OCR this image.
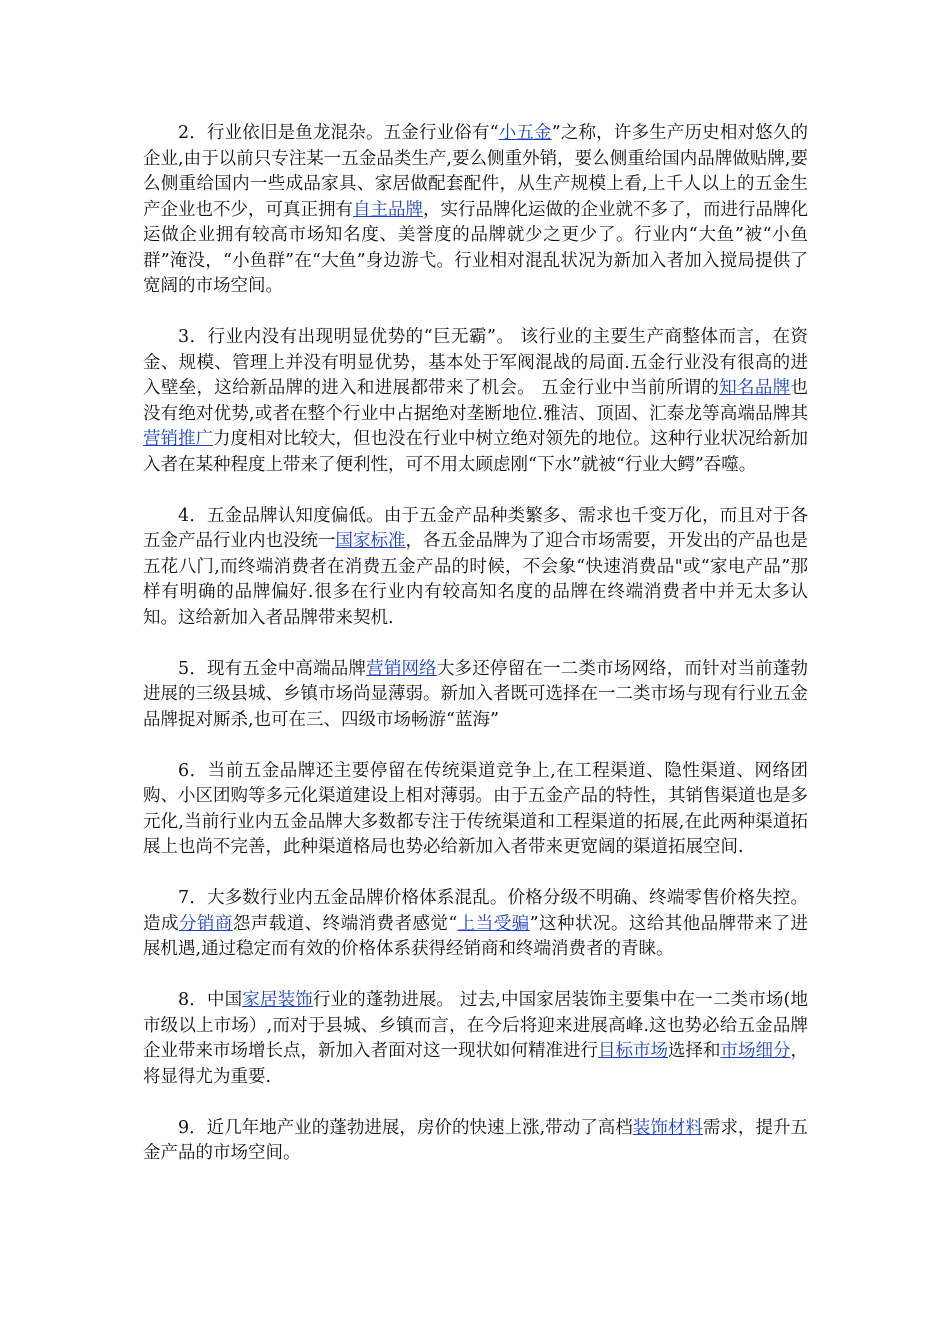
2．行业依旧是鱼龙混杂。五金行业俗有“小五金”之称，许多生产历史相对悠久的企业,由于以前只专注某一五金品类生产,要么侧重外销，要么侧重给国内品牌做贴牌,要么侧重给国内一些成品家具、家居做配套配件，从生产规模上看,上千人以上的五金生产企业也不少，可真正拥有自主品牌，实行品牌化运做的企业就不多了，而进行品牌化运做企业拥有较高市场知名度、美誉度的品牌就少之更少了。行业内“大鱼”被“小鱼群”淹没，“小鱼群”在“大鱼”身边游弋。行业相对混乱状况为新加入者加入搅局提供了宽阔的市场空间。

3．行业内没有出现明显优势的“巨无霸”。 该行业的主要生产商整体而言，在资金、规模、管理上并没有明显优势，基本处于军阀混战的局面.五金行业没有很高的进入壁垒，这给新品牌的进入和进展都带来了机会。 五金行业中当前所谓的知名品牌也没有绝对优势,或者在整个行业中占据绝对垄断地位.雅洁、顶固、汇泰龙等高端品牌其营销推广力度相对比较大，但也没在行业中树立绝对领先的地位。这种行业状况给新加入者在某种程度上带来了便利性，可不用太顾虑刚“下水”就被“行业大鳄”吞噬。

4．五金品牌认知度偏低。由于五金产品种类繁多、需求也千变万化，而且对于各五金产品行业内也没统一国家标准，各五金品牌为了迎合市场需要，开发出的产品也是五花八门,而终端消费者在消费五金产品的时候，不会象“快速消费品"或“家电产品”那样有明确的品牌偏好.很多在行业内有较高知名度的品牌在终端消费者中并无太多认知。这给新加入者品牌带来契机.

5．现有五金中高端品牌营销网络大多还停留在一二类市场网络，而针对当前蓬勃进展的三级县城、乡镇市场尚显薄弱。新加入者既可选择在一二类市场与现有行业五金品牌捉对厮杀,也可在三、四级市场畅游“蓝海”

6．当前五金品牌还主要停留在传统渠道竞争上,在工程渠道、隐性渠道、网络团购、小区团购等多元化渠道建设上相对薄弱。由于五金产品的特性，其销售渠道也是多元化,当前行业内五金品牌大多数都专注于传统渠道和工程渠道的拓展,在此两种渠道拓展上也尚不完善，此种渠道格局也势必给新加入者带来更宽阔的渠道拓展空间.

7．大多数行业内五金品牌价格体系混乱。价格分级不明确、终端零售价格失控。造成分销商怨声载道、终端消费者感觉“上当受骗”这种状况。这给其他品牌带来了进展机遇,通过稳定而有效的价格体系获得经销商和终端消费者的青睐。

8．中国家居装饰行业的蓬勃进展。 过去,中国家居装饰主要集中在一二类市场(地市级以上市场）,而对于县城、乡镇而言，在今后将迎来进展高峰.这也势必给五金品牌企业带来市场增长点，新加入者面对这一现状如何精准进行目标市场选择和市场细分，将显得尤为重要.

9．近几年地产业的蓬勃进展，房价的快速上涨,带动了高档装饰材料需求，提升五金产品的市场空间。
